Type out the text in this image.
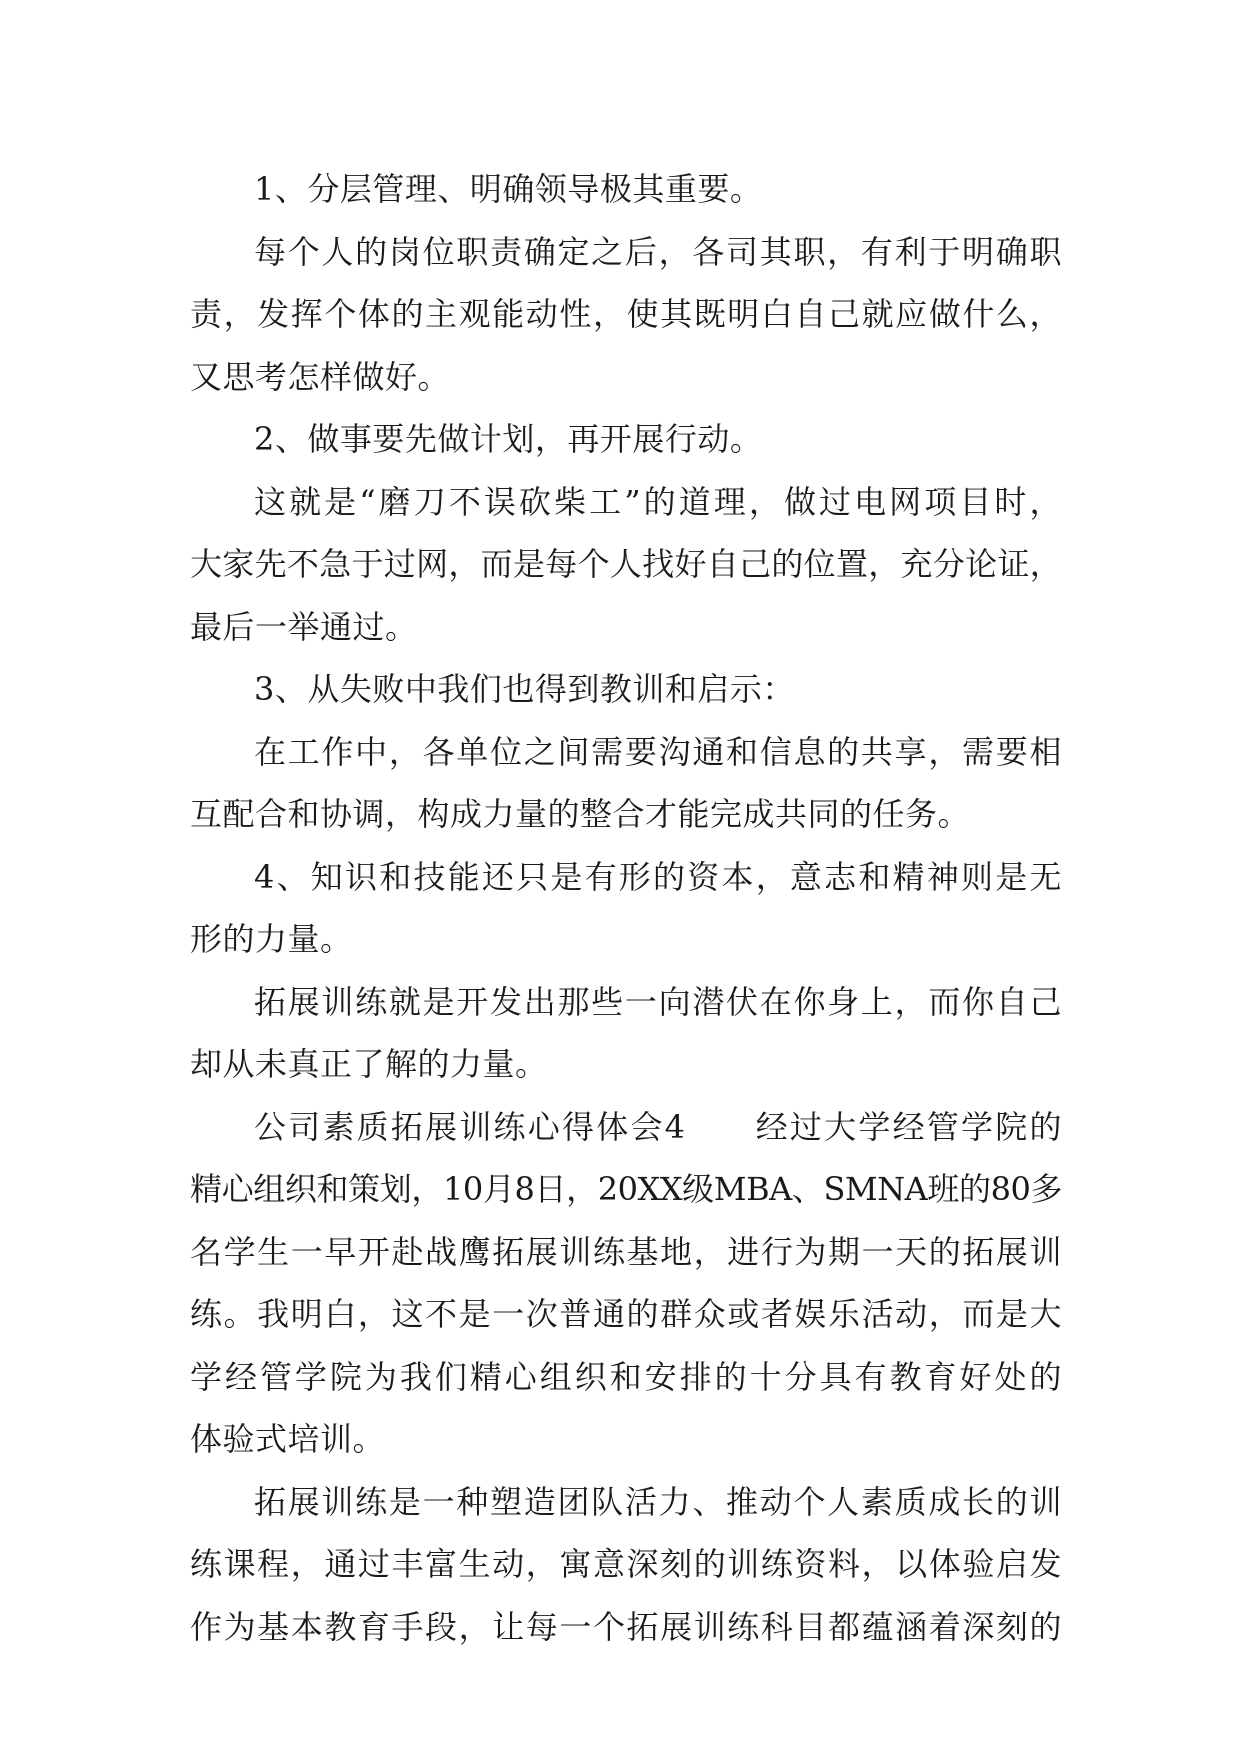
1、分层管理、明确领导极其重要。
每个人的岗位职责确定之后，各司其职，有利于明确职
责，发挥个体的主观能动性，使其既明白自己就应做什么，
又思考怎样做好。
2、做事要先做计划，再开展行动。
这就是“磨刀不误砍柴工”的道理，做过电网项目时，
大家先不急于过网，而是每个人找好自己的位置，充分论证，
最后一举通过。
3、从失败中我们也得到教训和启示：
在工作中，各单位之间需要沟通和信息的共享，需要相
互配合和协调，构成力量的整合才能完成共同的任务。
4、知识和技能还只是有形的资本，意志和精神则是无
形的力量。
拓展训练就是开发出那些一向潜伏在你身上，而你自己
却从未真正了解的力量。
公司素质拓展训练心得体会4　　经过大学经管学院的
精心组织和策划，10月8日，20XX级MBA、SMNA班的80多
名学生一早开赴战鹰拓展训练基地，进行为期一天的拓展训
练。我明白，这不是一次普通的群众或者娱乐活动，而是大
学经管学院为我们精心组织和安排的十分具有教育好处的
体验式培训。
拓展训练是一种塑造团队活力、推动个人素质成长的训
练课程，通过丰富生动，寓意深刻的训练资料，以体验启发
作为基本教育手段，让每一个拓展训练科目都蕴涵着深刻的
